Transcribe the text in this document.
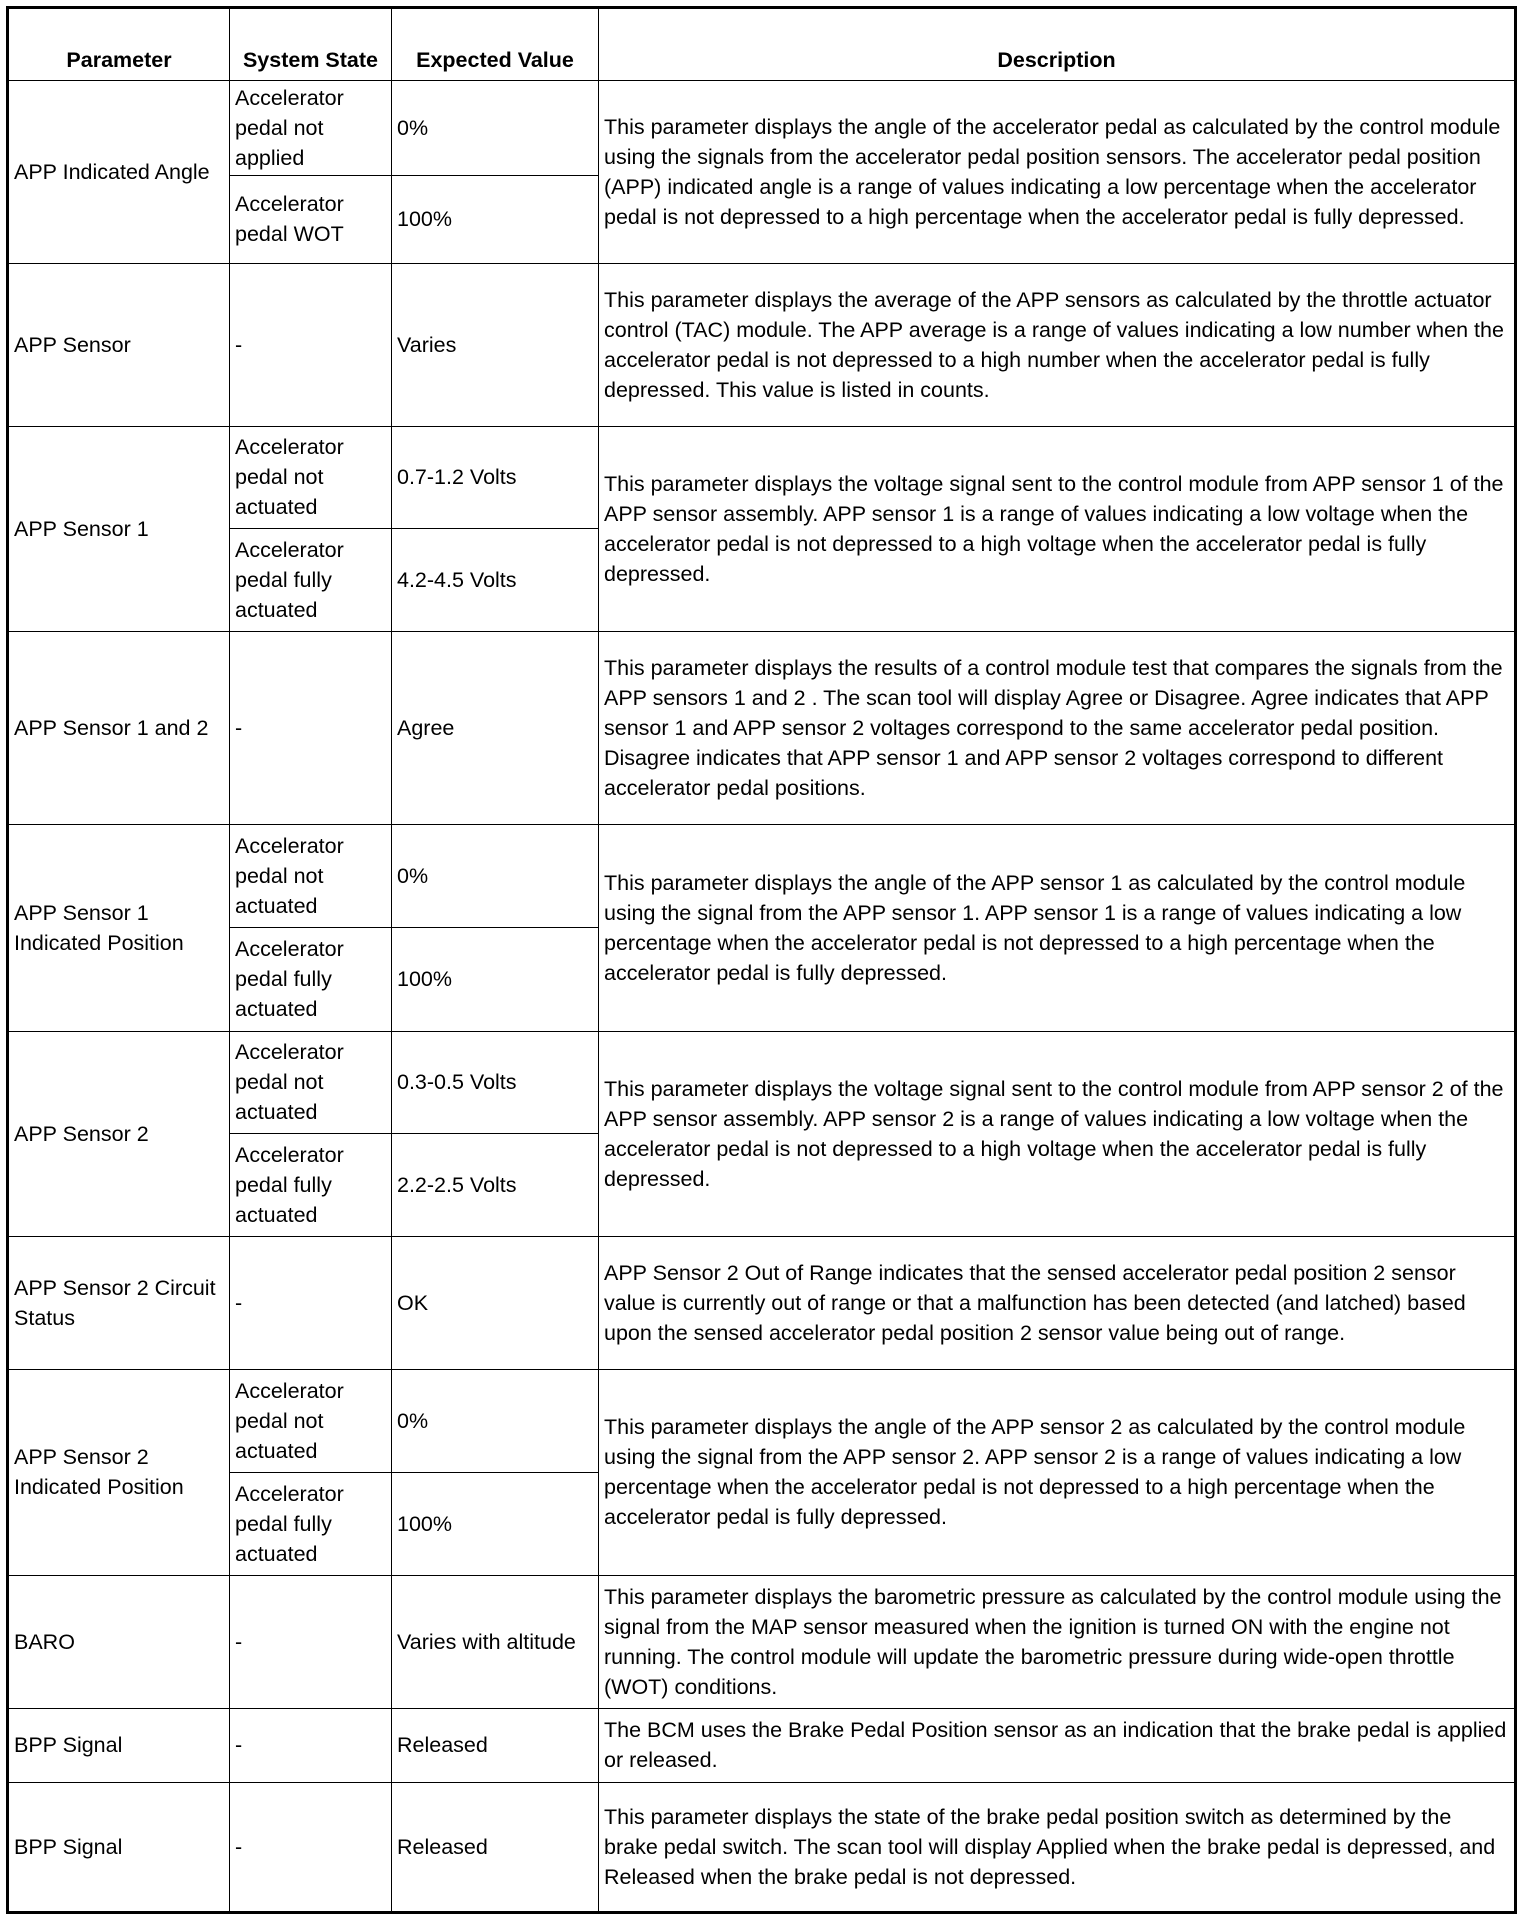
Parameter	System State	Expected Value	Description
APP Indicated Angle	Accelerator pedal not applied	0%	This parameter displays the angle of the accelerator pedal as calculated by the control module using the signals from the accelerator pedal position sensors. The accelerator pedal position (APP) indicated angle is a range of values indicating a low percentage when the accelerator pedal is not depressed to a high percentage when the accelerator pedal is fully depressed.
	Accelerator pedal WOT	100%	
APP Sensor	-	Varies	This parameter displays the average of the APP sensors as calculated by the throttle actuator control (TAC) module. The APP average is a range of values indicating a low number when the accelerator pedal is not depressed to a high number when the accelerator pedal is fully depressed. This value is listed in counts.
APP Sensor 1	Accelerator pedal not actuated	0.7-1.2 Volts	This parameter displays the voltage signal sent to the control module from APP sensor 1 of the APP sensor assembly. APP sensor 1 is a range of values indicating a low voltage when the accelerator pedal is not depressed to a high voltage when the accelerator pedal is fully depressed.
	Accelerator pedal fully actuated	4.2-4.5 Volts	
APP Sensor 1 and 2	-	Agree	This parameter displays the results of a control module test that compares the signals from the APP sensors 1 and 2 . The scan tool will display Agree or Disagree. Agree indicates that APP sensor 1 and APP sensor 2 voltages correspond to the same accelerator pedal position. Disagree indicates that APP sensor 1 and APP sensor 2 voltages correspond to different accelerator pedal positions.
APP Sensor 1 Indicated Position	Accelerator pedal not actuated	0%	This parameter displays the angle of the APP sensor 1 as calculated by the control module using the signal from the APP sensor 1. APP sensor 1 is a range of values indicating a low percentage when the accelerator pedal is not depressed to a high percentage when the accelerator pedal is fully depressed.
	Accelerator pedal fully actuated	100%	
APP Sensor 2	Accelerator pedal not actuated	0.3-0.5 Volts	This parameter displays the voltage signal sent to the control module from APP sensor 2 of the APP sensor assembly. APP sensor 2 is a range of values indicating a low voltage when the accelerator pedal is not depressed to a high voltage when the accelerator pedal is fully depressed.
	Accelerator pedal fully actuated	2.2-2.5 Volts	
APP Sensor 2 Circuit Status	-	OK	APP Sensor 2 Out of Range indicates that the sensed accelerator pedal position 2 sensor value is currently out of range or that a malfunction has been detected (and latched) based upon the sensed accelerator pedal position 2 sensor value being out of range.
APP Sensor 2 Indicated Position	Accelerator pedal not actuated	0%	This parameter displays the angle of the APP sensor 2 as calculated by the control module using the signal from the APP sensor 2. APP sensor 2 is a range of values indicating a low percentage when the accelerator pedal is not depressed to a high percentage when the accelerator pedal is fully depressed.
	Accelerator pedal fully actuated	100%	
BARO	-	Varies with altitude	This parameter displays the barometric pressure as calculated by the control module using the signal from the MAP sensor measured when the ignition is turned ON with the engine not running. The control module will update the barometric pressure during wide-open throttle (WOT) conditions.
BPP Signal	-	Released	The BCM uses the Brake Pedal Position sensor as an indication that the brake pedal is applied or released.
BPP Signal	-	Released	This parameter displays the state of the brake pedal position switch as determined by the brake pedal switch. The scan tool will display Applied when the brake pedal is depressed, and Released when the brake pedal is not depressed.
